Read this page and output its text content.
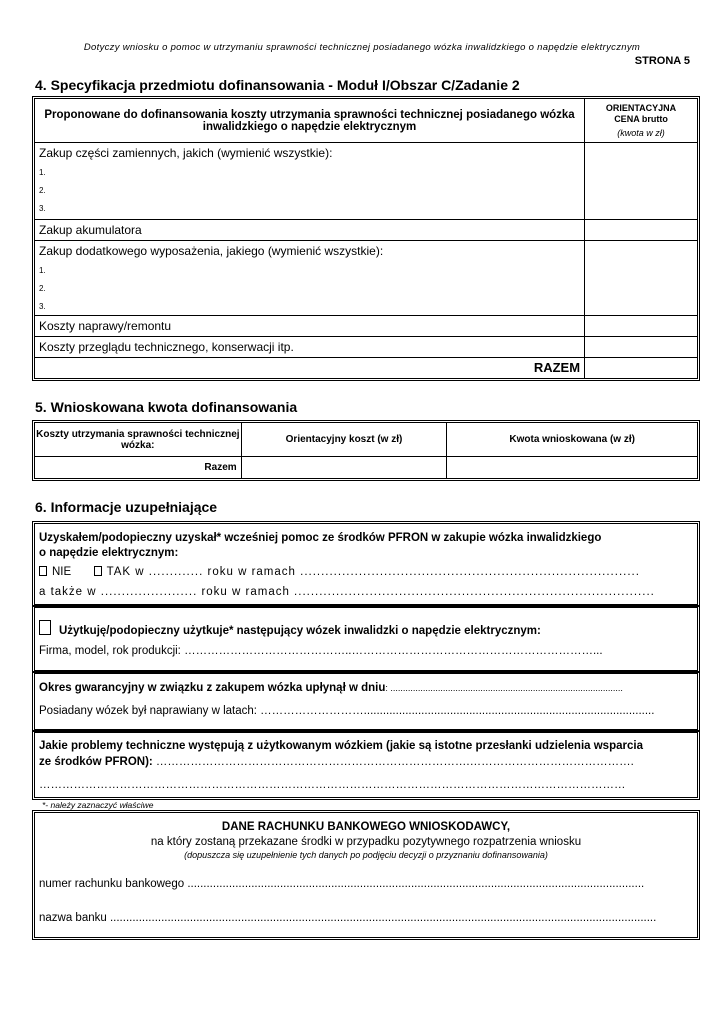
Dotyczy wniosku o pomoc w utrzymaniu sprawności technicznej posiadanego wózka inwalidzkiego o napędzie elektrycznym
STRONA 5
4. Specyfikacja przedmiotu dofinansowania - Moduł I/Obszar C/Zadanie 2
Proponowane do dofinansowania koszty utrzymania sprawności technicznej posiadanego wózka inwalidzkiego o napędzie elektrycznym	ORIENTACYJNA
CENA brutto
(kwota w zł)

Zakup części zamiennych, jakich (wymienić wszystkie):
1.
2.
3.	

Zakup akumulatora	
Zakup dodatkowego wyposażenia, jakiego (wymienić wszystkie):
1.
2.
3.	

Koszty naprawy/remontu	
Koszty przeglądu technicznego, konserwacji itp.	
RAZEM	
5. Wnioskowana kwota dofinansowania
Koszty utrzymania sprawności technicznej wózka:	Orientacyjny koszt (w zł)	Kwota wnioskowana (w zł)
Razem		
6. Informacje uzupełniające
Uzyskałem/podopieczny uzyskał* wcześniej pomoc ze środków PFRON w zakupie wózka inwalidzkiego
o napędzie elektrycznym:
NIE	TAK w ............. roku w ramach .................................................................................
a także w ....................... roku w ramach ......................................................................................
Użytkuję/podopieczny użytkuje* następujący wózek inwalidzki o napędzie elektrycznym:
Firma, model, rok produkcji: ……………………………………..………………………………………………………...
Okres gwarancyjny w związku z zakupem wózka upłynął w dniu: .............................................................................................
Posiadany wózek był naprawiany w latach: ………………………...........................................................................................
Jakie problemy techniczne występują z użytkowanym wózkiem (jakie są istotne przesłanki udzielenia wsparcia
ze środków PFRON): ……………………………………………………………………….…………………………………….
………………………………………………………………………………………………………………………………………
*- należy zaznaczyć właściwe
DANE RACHUNKU BANKOWEGO WNIOSKODAWCY,
na który zostaną przekazane środki w przypadku pozytywnego rozpatrzenia wniosku
(dopuszcza się uzupełnienie tych danych po podjęciu decyzji o przyznaniu dofinansowania)
numer rachunku bankowego ...............................................................................................................................................
nazwa banku ...........................................................................................................................................................................
